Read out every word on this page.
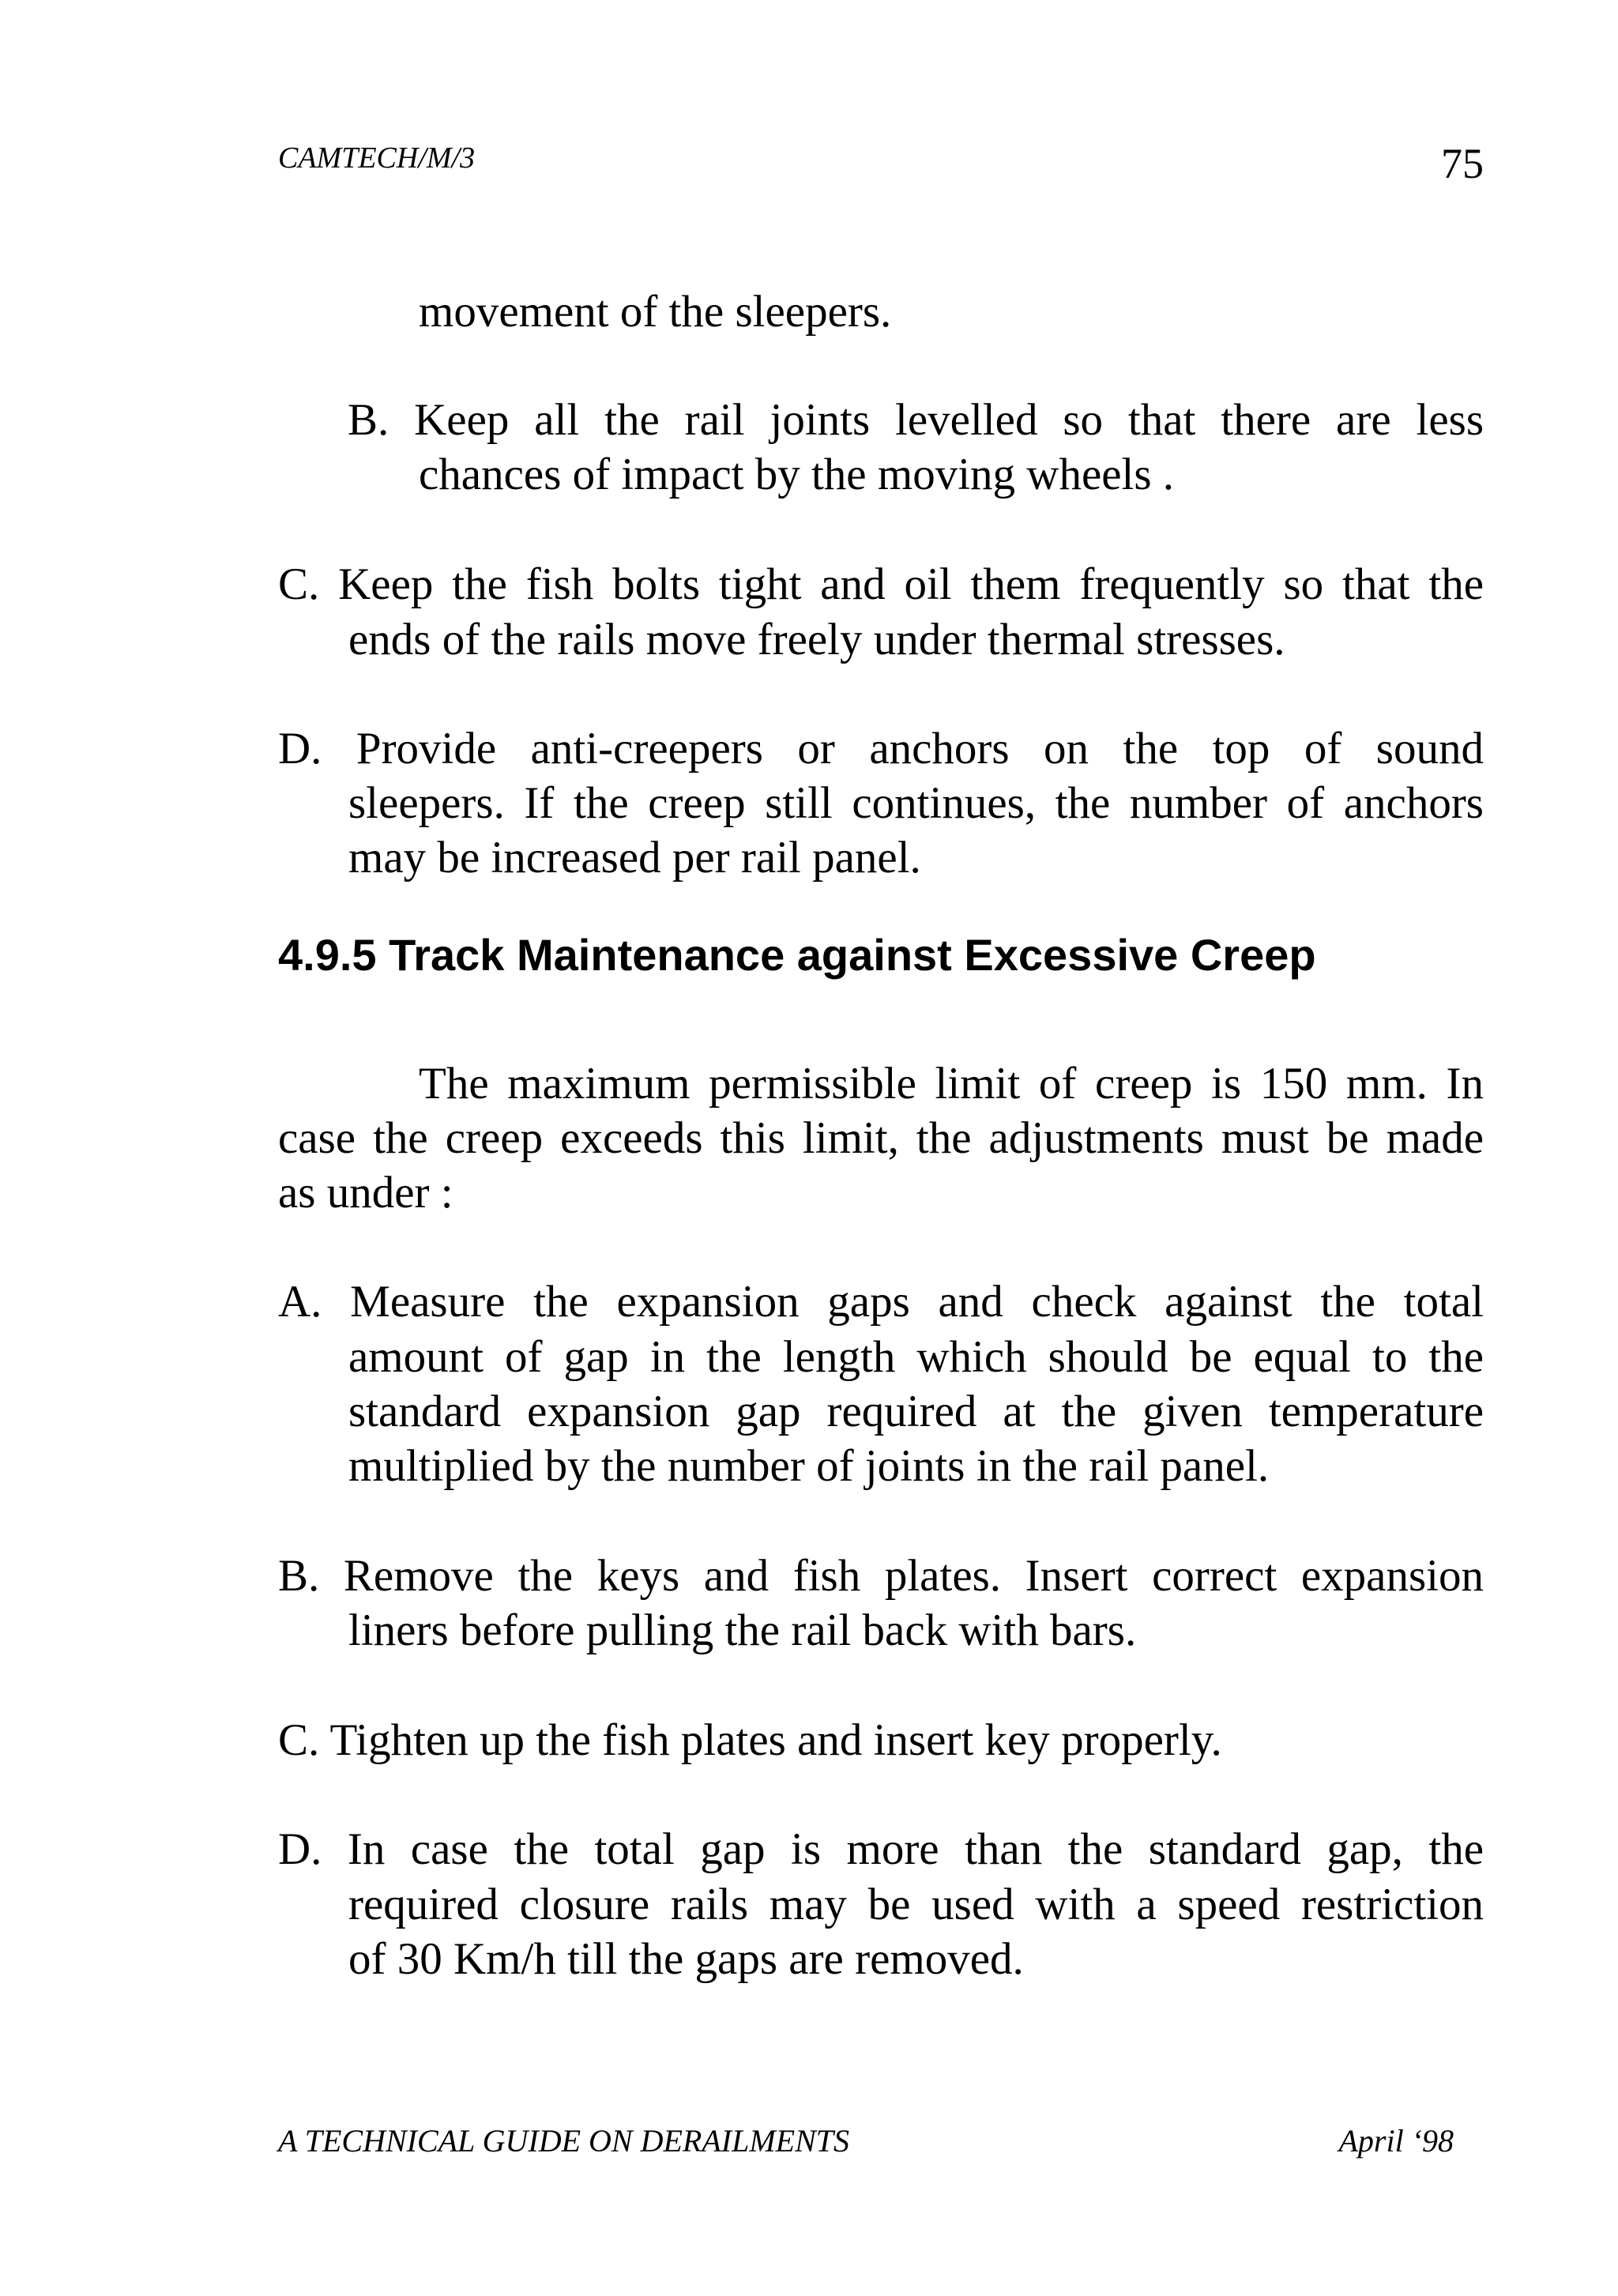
CAMTECH/M/3	75
movement of the sleepers.
B. Keep all the rail joints levelled so that there are less
chances of impact by the moving wheels .
C. Keep the fish bolts tight and oil them frequently so that the
ends of the rails move freely under thermal stresses.
D. Provide anti-creepers or anchors on the top of sound
sleepers. If the creep still continues, the number of anchors
may be increased per rail panel.
4.9.5 Track Maintenance against Excessive Creep
The maximum permissible limit of creep is 150 mm. In
case the creep exceeds this limit, the adjustments must be made
as under :
A. Measure the expansion gaps and check against the total
amount of gap in the length which should be equal to the
standard expansion gap required at the given temperature
multiplied by the number of joints in the rail panel.
B. Remove the keys and fish plates. Insert correct expansion
liners before pulling the rail back with bars.
C. Tighten up the fish plates and insert key properly.
D. In case the total gap is more than the standard gap, the
required closure rails may be used with a speed restriction
of 30 Km/h till the gaps are removed.
A TECHNICAL GUIDE ON DERAILMENTS	April ‘98
